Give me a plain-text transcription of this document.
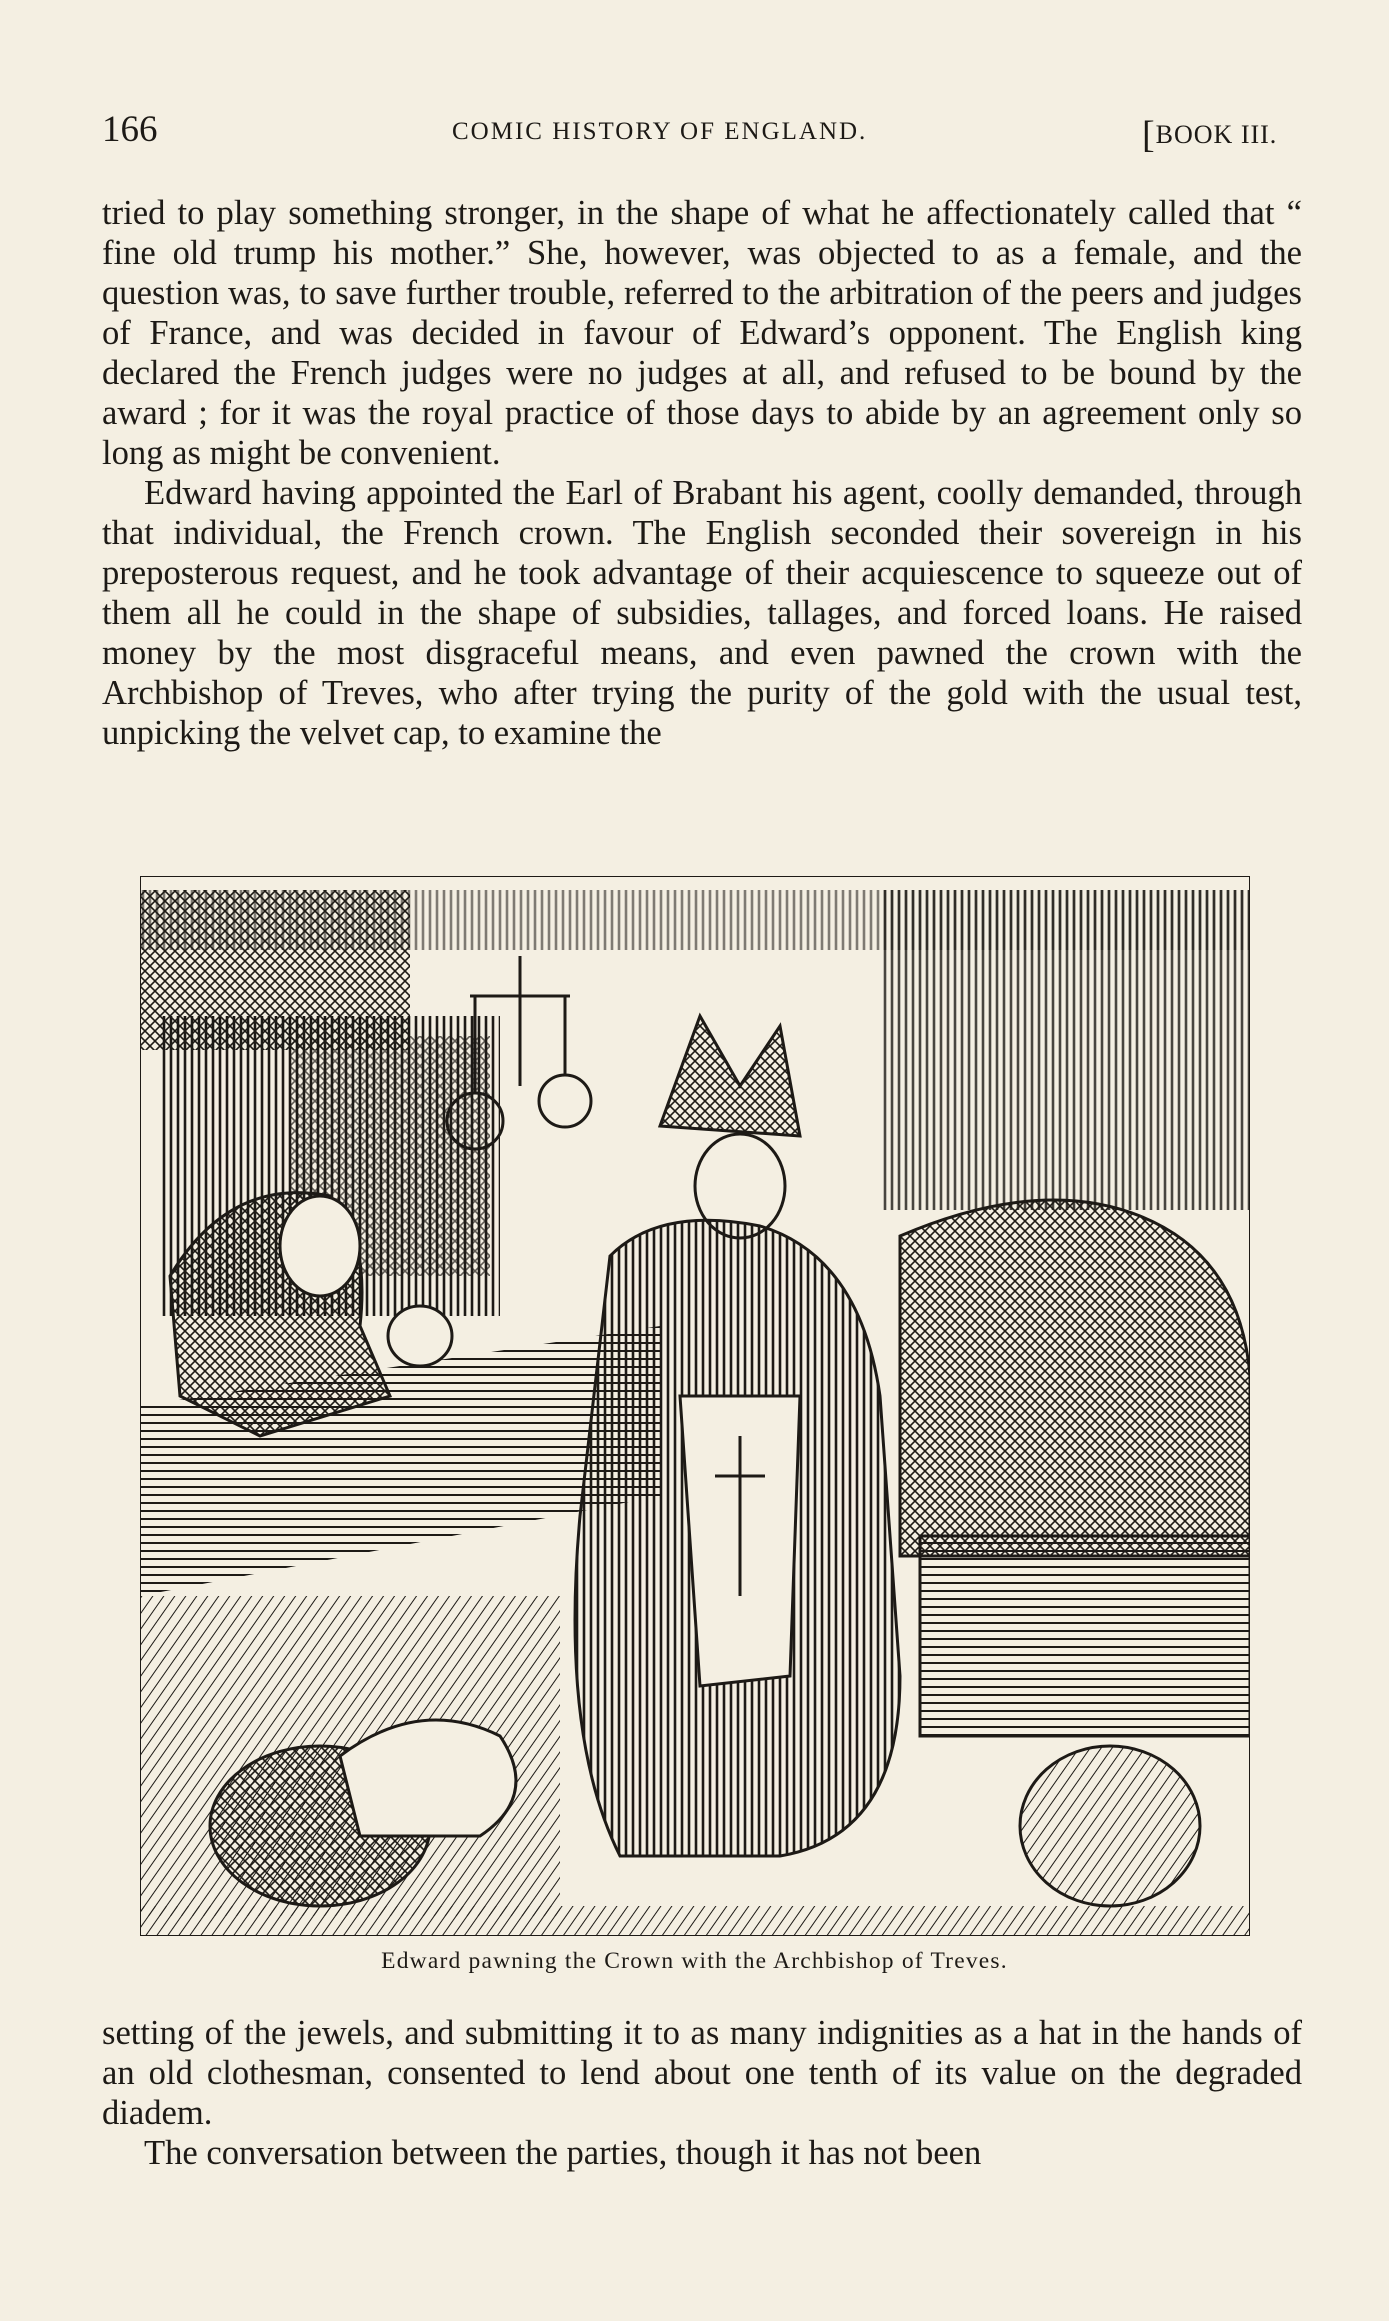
166	COMIC HISTORY OF ENGLAND.	[BOOK III.

tried to play something stronger, in the shape of what he affectionately called that “ fine old trump his mother.” She, however, was objected to as a female, and the question was, to save further trouble, referred to the arbitration of the peers and judges of France, and was decided in favour of Edward’s opponent. The English king declared the French judges were no judges at all, and refused to be bound by the award ; for it was the royal practice of those days to abide by an agreement only so long as might be convenient.

Edward having appointed the Earl of Brabant his agent, coolly demanded, through that individual, the French crown. The English seconded their sovereign in his preposterous request, and he took advantage of their acquiescence to squeeze out of them all he could in the shape of subsidies, tallages, and forced loans. He raised money by the most disgraceful means, and even pawned the crown with the Archbishop of Treves, who after trying the purity of the gold with the usual test, unpicking the velvet cap, to examine the

Edward pawning the Crown with the Archbishop of Treves.

setting of the jewels, and submitting it to as many indignities as a hat in the hands of an old clothesman, consented to lend about one tenth of its value on the degraded diadem.

The conversation between the parties, though it has not been
